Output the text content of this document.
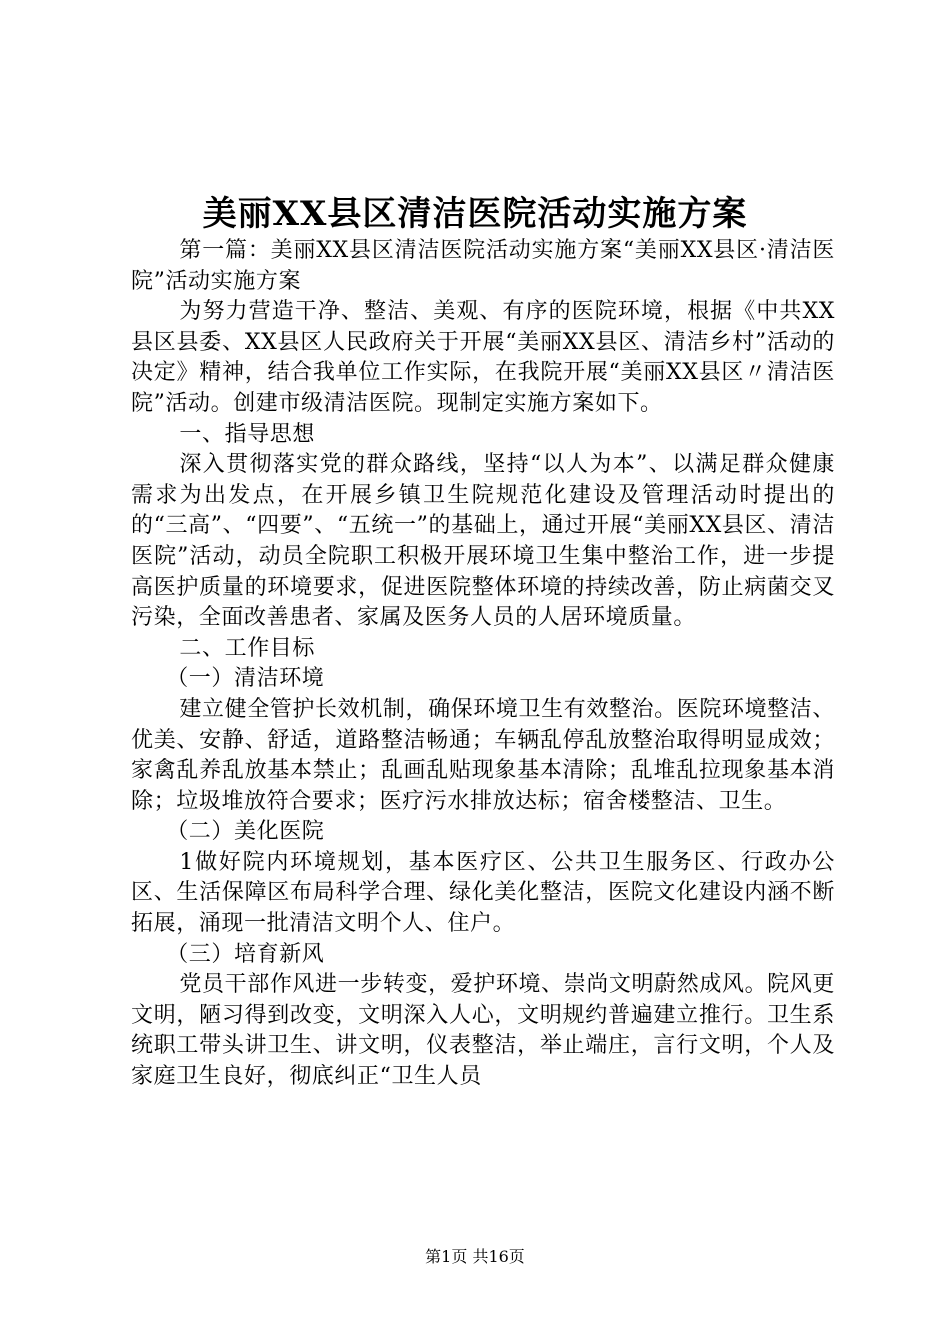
美丽XX县区清洁医院活动实施方案

第一篇：美丽XX县区清洁医院活动实施方案“美丽XX县区·清洁医院”活动实施方案

为努力营造干净、整洁、美观、有序的医院环境，根据《中共XX县区县委、XX县区人民政府关于开展“美丽XX县区、清洁乡村”活动的决定》精神，结合我单位工作实际，在我院开展“美丽XX县区〃清洁医院”活动。创建市级清洁医院。现制定实施方案如下。

一、指导思想

深入贯彻落实党的群众路线，坚持“以人为本”、以满足群众健康需求为出发点，在开展乡镇卫生院规范化建设及管理活动时提出的的“三高”、“四要”、“五统一”的基础上，通过开展“美丽XX县区、清洁医院”活动，动员全院职工积极开展环境卫生集中整治工作，进一步提高医护质量的环境要求，促进医院整体环境的持续改善，防止病菌交叉污染，全面改善患者、家属及医务人员的人居环境质量。

二、工作目标

（一）清洁环境

建立健全管护长效机制，确保环境卫生有效整治。医院环境整洁、优美、安静、舒适，道路整洁畅通；车辆乱停乱放整治取得明显成效；家禽乱养乱放基本禁止；乱画乱贴现象基本清除；乱堆乱拉现象基本消除；垃圾堆放符合要求；医疗污水排放达标；宿舍楼整洁、卫生。

（二）美化医院

1做好院内环境规划，基本医疗区、公共卫生服务区、行政办公区、生活保障区布局科学合理、绿化美化整洁，医院文化建设内涵不断拓展，涌现一批清洁文明个人、住户。

（三）培育新风

党员干部作风进一步转变，爱护环境、崇尚文明蔚然成风。院风更文明，陋习得到改变，文明深入人心，文明规约普遍建立推行。卫生系统职工带头讲卫生、讲文明，仪表整洁，举止端庄，言行文明，个人及家庭卫生良好，彻底纠正“卫生人员

第1页 共16页
